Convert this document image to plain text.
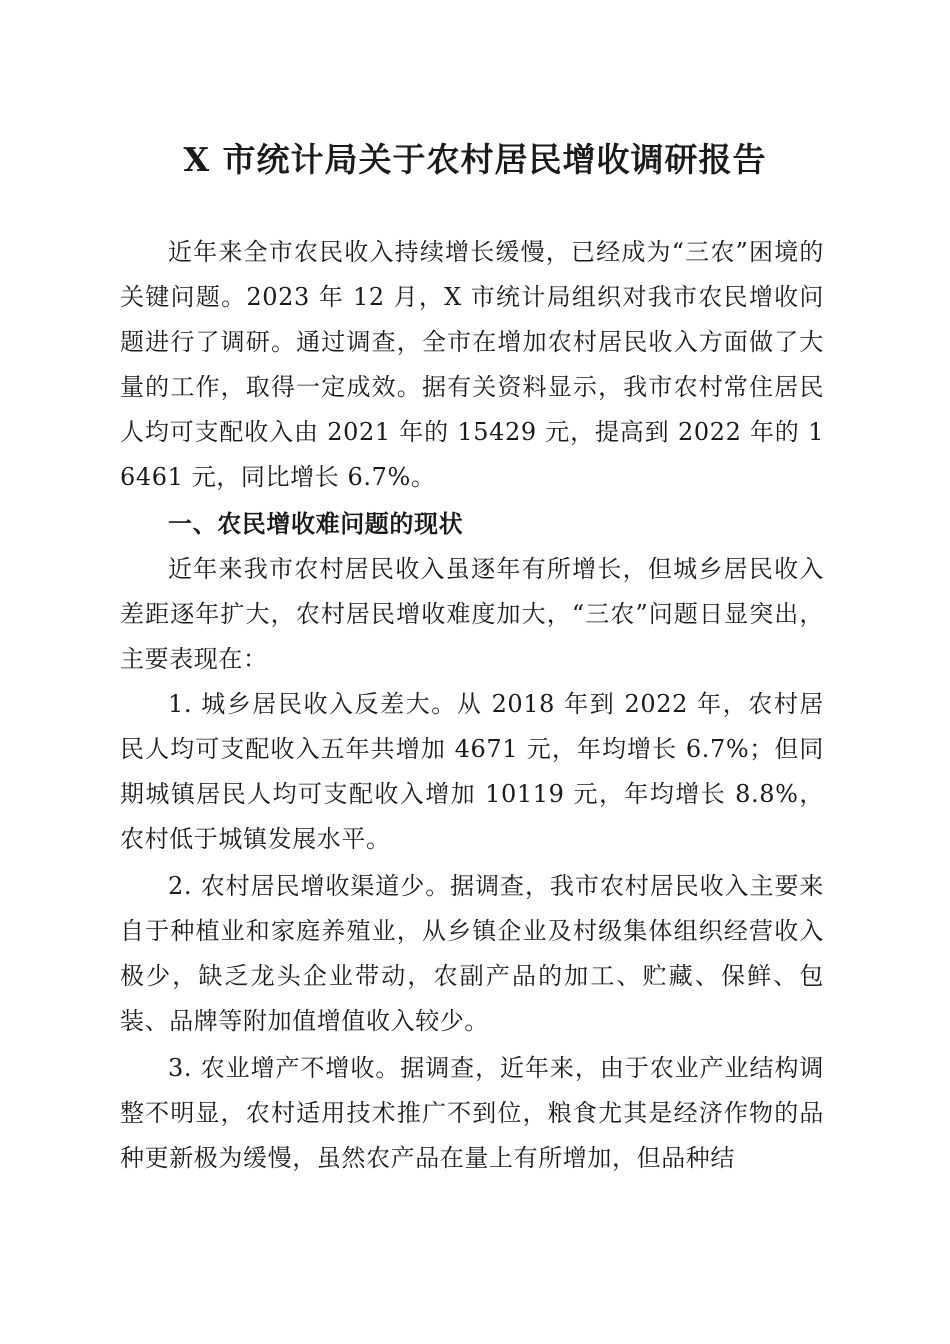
X 市统计局关于农村居民增收调研报告

近年来全市农民收入持续增长缓慢，已经成为“三农”困境的关键问题。2023 年 12 月，X 市统计局组织对我市农民增收问题进行了调研。通过调查，全市在增加农村居民收入方面做了大量的工作，取得一定成效。据有关资料显示，我市农村常住居民人均可支配收入由 2021 年的 15429 元，提高到 2022 年的 16461 元，同比增长 6.7%。

一、农民增收难问题的现状

近年来我市农村居民收入虽逐年有所增长，但城乡居民收入差距逐年扩大，农村居民增收难度加大，“三农”问题日显突出，主要表现在：

1. 城乡居民收入反差大。从 2018 年到 2022 年，农村居民人均可支配收入五年共增加 4671 元，年均增长 6.7%；但同期城镇居民人均可支配收入增加 10119 元，年均增长 8.8%，农村低于城镇发展水平。

2. 农村居民增收渠道少。据调查，我市农村居民收入主要来自于种植业和家庭养殖业，从乡镇企业及村级集体组织经营收入极少，缺乏龙头企业带动，农副产品的加工、贮藏、保鲜、包装、品牌等附加值增值收入较少。

3. 农业增产不增收。据调查，近年来，由于农业产业结构调整不明显，农村适用技术推广不到位，粮食尤其是经济作物的品种更新极为缓慢，虽然农产品在量上有所增加，但品种结
